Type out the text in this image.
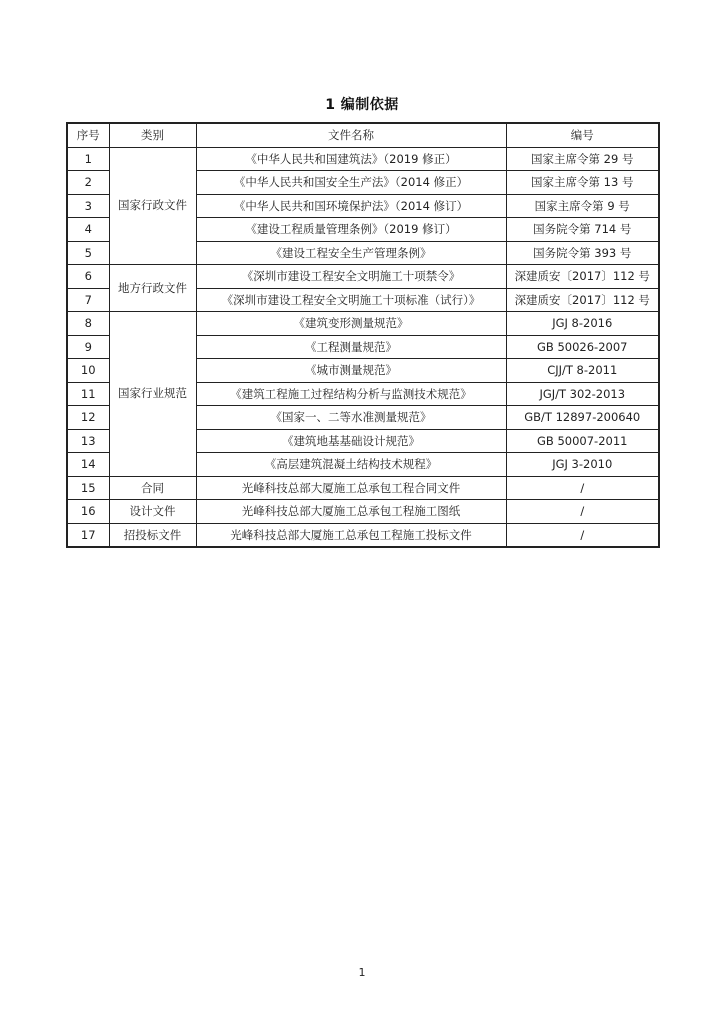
1 编制依据
序号	类别	文件名称	编号
1	国家行政文件	《中华人民共和国建筑法》（2019 修正）	国家主席令第 29 号
2		《中华人民共和国安全生产法》（2014 修正）	国家主席令第 13 号
3		《中华人民共和国环境保护法》（2014 修订）	国家主席令第 9 号
4		《建设工程质量管理条例》（2019 修订）	国务院令第 714 号
5		《建设工程安全生产管理条例》	国务院令第 393 号
6	地方行政文件	《深圳市建设工程安全文明施工十项禁令》	深建质安〔2017〕112 号
7		《深圳市建设工程安全文明施工十项标准（试行）》	深建质安〔2017〕112 号
8	国家行业规范	《建筑变形测量规范》	JGJ 8-2016
9		《工程测量规范》	GB 50026-2007
10		《城市测量规范》	CJJ/T 8-2011
11		《建筑工程施工过程结构分析与监测技术规范》	JGJ/T 302-2013
12		《国家一、二等水准测量规范》	GB/T 12897-200640
13		《建筑地基基础设计规范》	GB 50007-2011
14		《高层建筑混凝土结构技术规程》	JGJ 3-2010
15	合同	光峰科技总部大厦施工总承包工程合同文件	/
16	设计文件	光峰科技总部大厦施工总承包工程施工图纸	/
17	招投标文件	光峰科技总部大厦施工总承包工程施工投标文件	/
1
